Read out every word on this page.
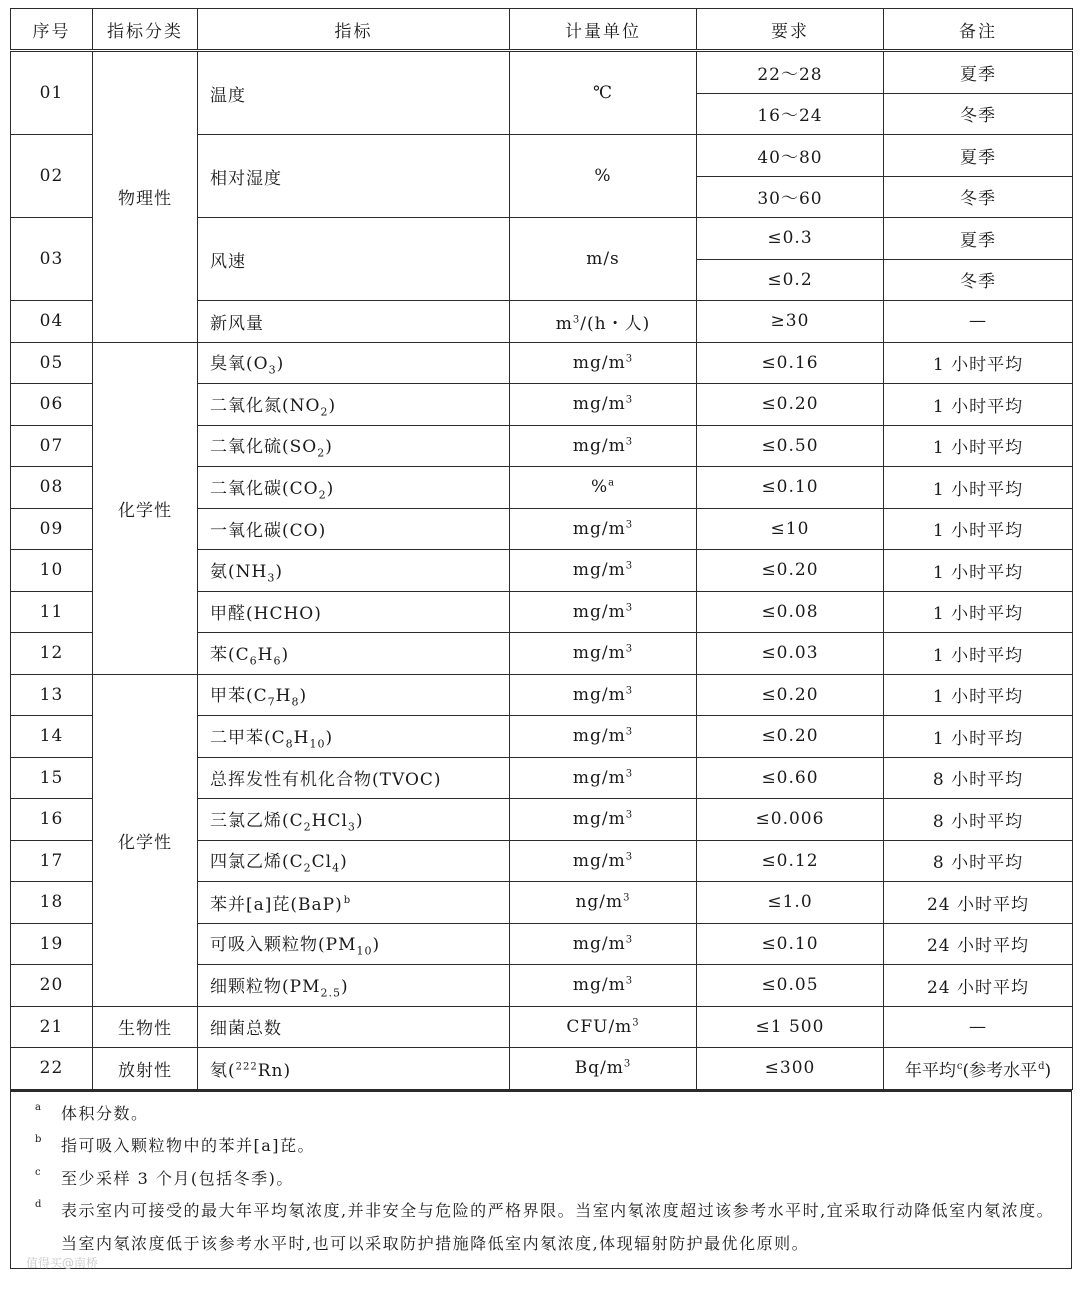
序号	指标分类	指标	计量单位	要求	备注
01	物理性	温度	℃	22～28	夏季
				16～24	冬季
02		相对湿度	%	40～80	夏季
				30～60	冬季
03		风速	m/s	≤0.3	夏季
				≤0.2	冬季
04		新风量	$m^3/(h$・人)	≥30	—
05	化学性	臭氧$(O_3)$	$mg/m^3$	≤0.16	1 小时平均
06		二氧化氮$(NO_2)$	$mg/m^3$	≤0.20	1 小时平均
07		二氧化硫$(SO_2)$	$mg/m^3$	≤0.50	1 小时平均
08		二氧化碳$(CO_2)$	%$^a$	≤0.10	1 小时平均
09		一氧化碳(CO)	$mg/m^3$	≤10	1 小时平均
10		氨$(NH_3)$	$mg/m^3$	≤0.20	1 小时平均
11		甲醛(HCHO)	$mg/m^3$	≤0.08	1 小时平均
12		苯$(C_6H_6)$	$mg/m^3$	≤0.03	1 小时平均
13	化学性	甲苯$(C_7H_8)$	$mg/m^3$	≤0.20	1 小时平均
14		二甲苯$(C_8H_{10})$	$mg/m^3$	≤0.20	1 小时平均
15		总挥发性有机化合物(TVOC)	$mg/m^3$	≤0.60	8 小时平均
16		三氯乙烯$(C_2HCl_3)$	$mg/m^3$	≤0.006	8 小时平均
17		四氯乙烯$(C_2Cl_4)$	$mg/m^3$	≤0.12	8 小时平均
18		苯并[a]芘(BaP)$^b$	$ng/m^3$	≤1.0	24 小时平均
19		可吸入颗粒物$(PM_{10})$	$mg/m^3$	≤0.10	24 小时平均
20		细颗粒物$(PM_{2.5})$	$mg/m^3$	≤0.05	24 小时平均
21	生物性	细菌总数	CFU/$m^3$	≤1 500	—
22	放射性	氡($^{222}$Rn)	$Bq/m^3$	≤300	年平均$^c$(参考水平$^d$)
a 体积分数。
b 指可吸入颗粒物中的苯并[a]芘。
c 至少采样 3 个月(包括冬季)。
d 表示室内可接受的最大年平均氡浓度,并非安全与危险的严格界限。当室内氡浓度超过该参考水平时,宜采取行动降低室内氡浓度。当室内氡浓度低于该参考水平时,也可以采取防护措施降低室内氡浓度,体现辐射防护最优化原则。
值得买@南桥
